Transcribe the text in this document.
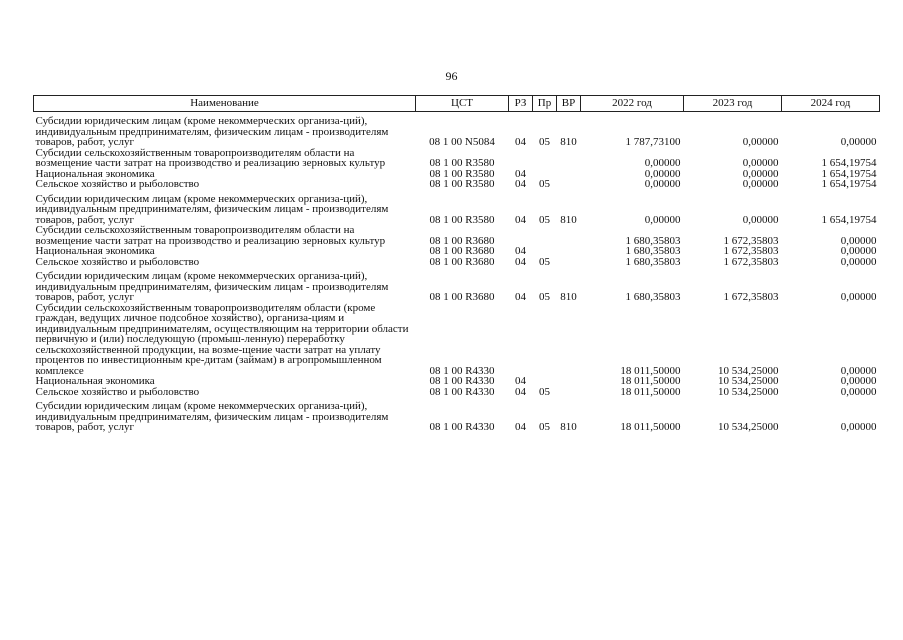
96
Наименование	ЦСТ	РЗ	Пр	ВР	2022 год	2023 год	2024 год
Субсидии юридическим лицам (кроме некоммерческих организа-ций), индивидуальным предпринимателям, физическим лицам - производителям товаров, работ, услуг	08 1 00 N5084	04	05	810	1 787,73100	0,00000	0,00000
Субсидии сельскохозяйственным товаропроизводителям области на возмещение части затрат на производство и реализацию зерновых культур	08 1 00 R3580				0,00000	0,00000	1 654,19754
Национальная экономика	08 1 00 R3580	04			0,00000	0,00000	1 654,19754
Сельское хозяйство и рыболовство	08 1 00 R3580	04	05		0,00000	0,00000	1 654,19754
Субсидии юридическим лицам (кроме некоммерческих организа-ций), индивидуальным предпринимателям, физическим лицам - производителям товаров, работ, услуг	08 1 00 R3580	04	05	810	0,00000	0,00000	1 654,19754
Субсидии сельскохозяйственным товаропроизводителям области на возмещение части затрат на производство и реализацию зерновых культур	08 1 00 R3680				1 680,35803	1 672,35803	0,00000
Национальная экономика	08 1 00 R3680	04			1 680,35803	1 672,35803	0,00000
Сельское хозяйство и рыболовство	08 1 00 R3680	04	05		1 680,35803	1 672,35803	0,00000
Субсидии юридическим лицам (кроме некоммерческих организа-ций), индивидуальным предпринимателям, физическим лицам - производителям товаров, работ, услуг	08 1 00 R3680	04	05	810	1 680,35803	1 672,35803	0,00000
Субсидии сельскохозяйственным товаропроизводителям области (кроме граждан, ведущих личное подсобное хозяйство), организа-циям и индивидуальным предпринимателям, осуществляющим на территории области первичную и (или) последующую (промыш-ленную) переработку сельскохозяйственной продукции, на возме-щение части затрат на уплату процентов по инвестиционным кре-дитам (займам) в агропромышленном комплексе	08 1 00 R4330				18 011,50000	10 534,25000	0,00000
Национальная экономика	08 1 00 R4330	04			18 011,50000	10 534,25000	0,00000
Сельское хозяйство и рыболовство	08 1 00 R4330	04	05		18 011,50000	10 534,25000	0,00000
Субсидии юридическим лицам (кроме некоммерческих организа-ций), индивидуальным предпринимателям, физическим лицам - производителям товаров, работ, услуг	08 1 00 R4330	04	05	810	18 011,50000	10 534,25000	0,00000
